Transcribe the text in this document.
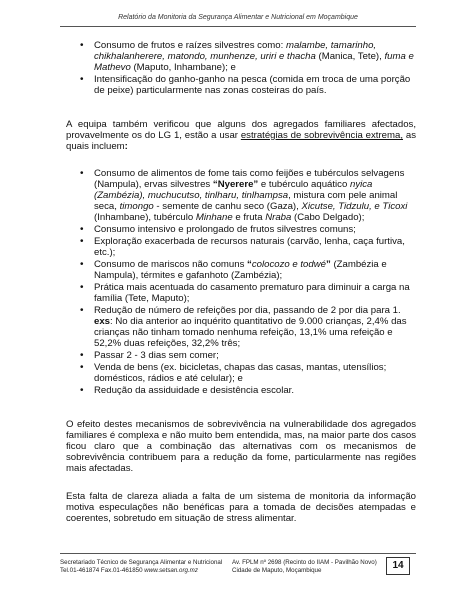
Relatório da Monitoria da Segurança Alimentar e Nutricional em Moçambique
• Consumo de frutos e raízes silvestres como: malambe, tamarinho, chikhalanherere, matondo, munhenze, uriri e thacha (Manica, Tete), fuma e Mathevo (Maputo, Inhambane); e
• Intensificação do ganho-ganho na pesca (comida em troca de uma porção de peixe) particularmente nas zonas costeiras do país.

A equipa também verificou que alguns dos agregados familiares afectados, provavelmente os do LG 1, estão a usar estratégias de sobrevivência extrema, as quais incluem:

• Consumo de alimentos de fome tais como feijões e tubérculos selvagens (Nampula), ervas silvestres “Nyerere” e tubérculo aquático nyica (Zambézia), muchucutso, tinlharu, tinlhampsa, mistura com pele animal seca, timongo - semente de canhu seco (Gaza), Xicutse, Tidzulu, e Ticoxi (Inhambane), tubérculo Minhane e fruta Nraba (Cabo Delgado);
• Consumo intensivo e prolongado de frutos silvestres comuns;
• Exploração exacerbada de recursos naturais (carvão, lenha, caça furtiva, etc.);
• Consumo de mariscos não comuns “colocozo e todwé” (Zambézia e Nampula), térmites e gafanhoto (Zambézia);
• Prática mais acentuada do casamento prematuro para diminuir a carga na família (Tete, Maputo);
• Redução de número de refeições por dia, passando de 2 por dia para 1. exs: No dia anterior ao inquérito quantitativo de 9.000 crianças, 2,4% das crianças não tinham tomado nenhuma refeição, 13,1% uma refeição e 52,2% duas refeições, 32,2% três;
• Passar 2 - 3 dias sem comer;
• Venda de bens (ex. bicicletas, chapas das casas, mantas, utensílios; domésticos, rádios e até celular); e
• Redução da assiduidade e desistência escolar.

O efeito destes mecanismos de sobrevivência na vulnerabilidade dos agregados familiares é complexa e não muito bem entendida, mas, na maior parte dos casos ficou claro que a combinação das alternativas com os mecanismos de sobrevivência contribuem para a redução da fome, particularmente nas regiões mais afectadas.

Esta falta de clareza aliada a falta de um sistema de monitoria da informação motiva especulações não benéficas para a tomada de decisões atempadas e coerentes, sobretudo em situação de stress alimentar.

Secretariado Técnico de Segurança Alimentar e Nutricional
Tel.01-461874 Fax.01-461850 www.setsan.org.mz
Av. FPLM nº 2698 (Recinto do IIAM - Pavilhão Novo)
Cidade de Maputo, Moçambique	14
